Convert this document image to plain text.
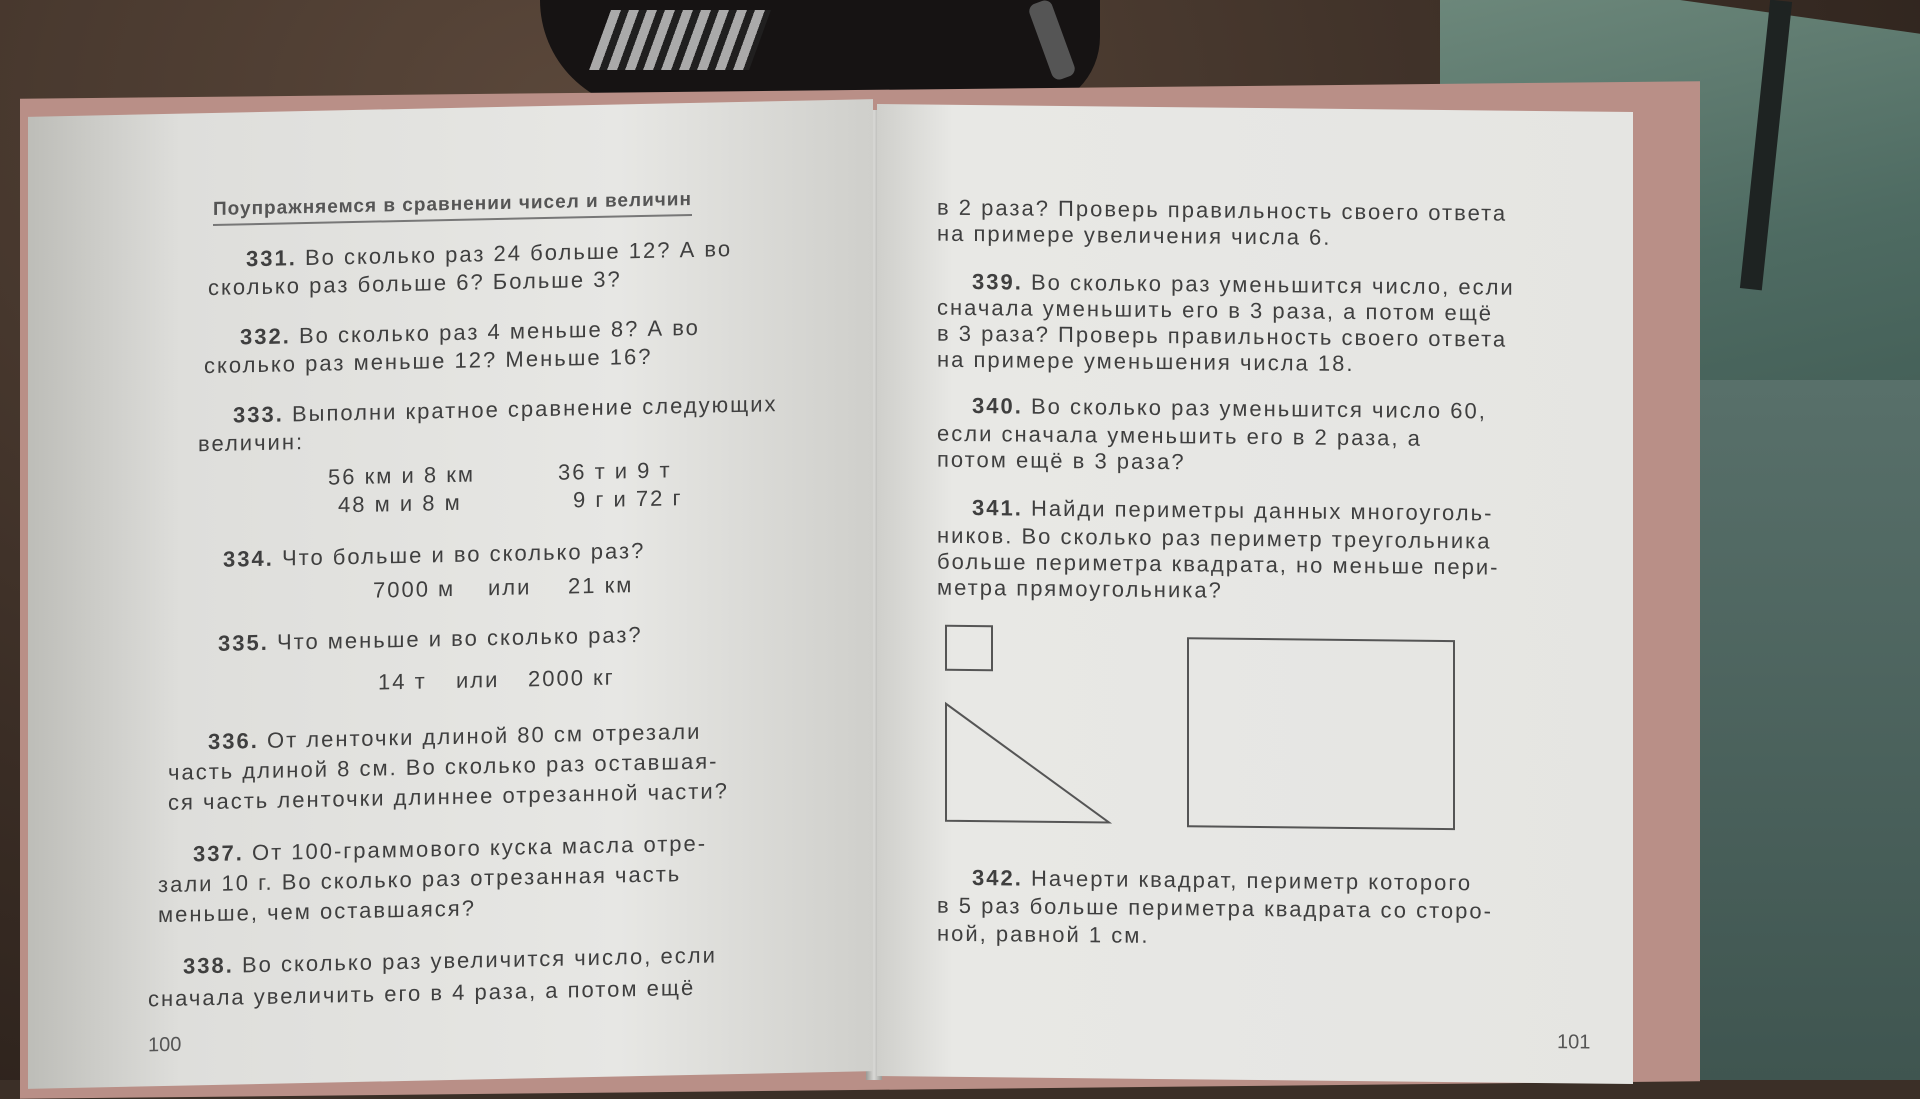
Поупражняемся в сравнении чисел и величин
331. Во сколько раз 24 больше 12? А во
сколько раз больше 6? Больше 3?
332. Во сколько раз 4 меньше 8? А во
сколько раз меньше 12? Меньше 16?
333. Выполни кратное сравнение следующих
величин:
56 км и 8 км	36 т и 9 т
48 м и 8 м	9 г и 72 г
334. Что больше и во сколько раз?
7000 м или 21 км
335. Что меньше и во сколько раз?
14 т или 2000 кг
336. От ленточки длиной 80 см отрезали
часть длиной 8 см. Во сколько раз оставшая-
ся часть ленточки длиннее отрезанной части?
337. От 100-граммового куска масла отре-
зали 10 г. Во сколько раз отрезанная часть
меньше, чем оставшаяся?
338. Во сколько раз увеличится число, если
сначала увеличить его в 4 раза, а потом ещё
100
в 2 раза? Проверь правильность своего ответа
на примере увеличения числа 6.
339. Во сколько раз уменьшится число, если
сначала уменьшить его в 3 раза, а потом ещё
в 3 раза? Проверь правильность своего ответа
на примере уменьшения числа 18.
340. Во сколько раз уменьшится число 60,
если сначала уменьшить его в 2 раза, а
потом ещё в 3 раза?
341. Найди периметры данных многоуголь-
ников. Во сколько раз периметр треугольника
больше периметра квадрата, но меньше пери-
метра прямоугольника?
342. Начерти квадрат, периметр которого
в 5 раз больше периметра квадрата со сторо-
ной, равной 1 см.
101
